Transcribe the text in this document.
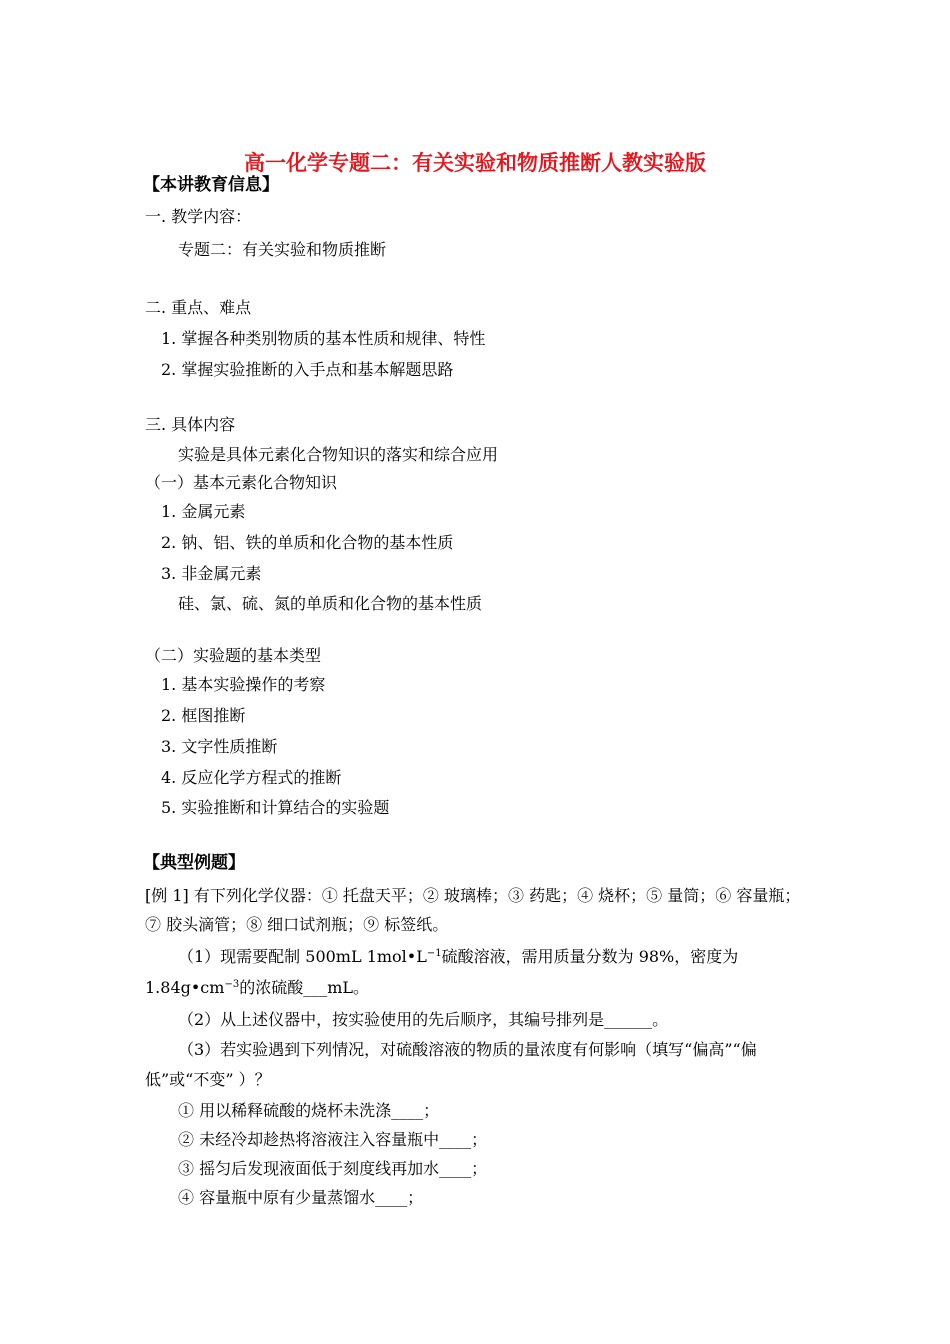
高一化学专题二：有关实验和物质推断人教实验版
【本讲教育信息】
一. 教学内容：
专题二：有关实验和物质推断
二. 重点、难点
1. 掌握各种类别物质的基本性质和规律、特性
2. 掌握实验推断的入手点和基本解题思路
三. 具体内容
实验是具体元素化合物知识的落实和综合应用
（一）基本元素化合物知识
1. 金属元素
2. 钠、铝、铁的单质和化合物的基本性质
3. 非金属元素
硅、氯、硫、氮的单质和化合物的基本性质
（二）实验题的基本类型
1. 基本实验操作的考察
2. 框图推断
3. 文字性质推断
4. 反应化学方程式的推断
5. 实验推断和计算结合的实验题
【典型例题】
[例 1] 有下列化学仪器：① 托盘天平；② 玻璃棒；③ 药匙；④ 烧杯；⑤ 量筒；⑥ 容量瓶；
⑦ 胶头滴管；⑧ 细口试剂瓶；⑨ 标签纸。
（1）现需要配制 500mL $1mol•L^{-1}$硫酸溶液，需用质量分数为 98%，密度为
$1.84g•cm^{-3}$的浓硫酸___mL。
（2）从上述仪器中，按实验使用的先后顺序，其编号排列是______。
（3）若实验遇到下列情况，对硫酸溶液的物质的量浓度有何影响（填写“偏高”“偏
低”或“不变” ）？
① 用以稀释硫酸的烧杯未洗涤____；
② 未经冷却趁热将溶液注入容量瓶中____；
③ 摇匀后发现液面低于刻度线再加水____；
④ 容量瓶中原有少量蒸馏水____；
